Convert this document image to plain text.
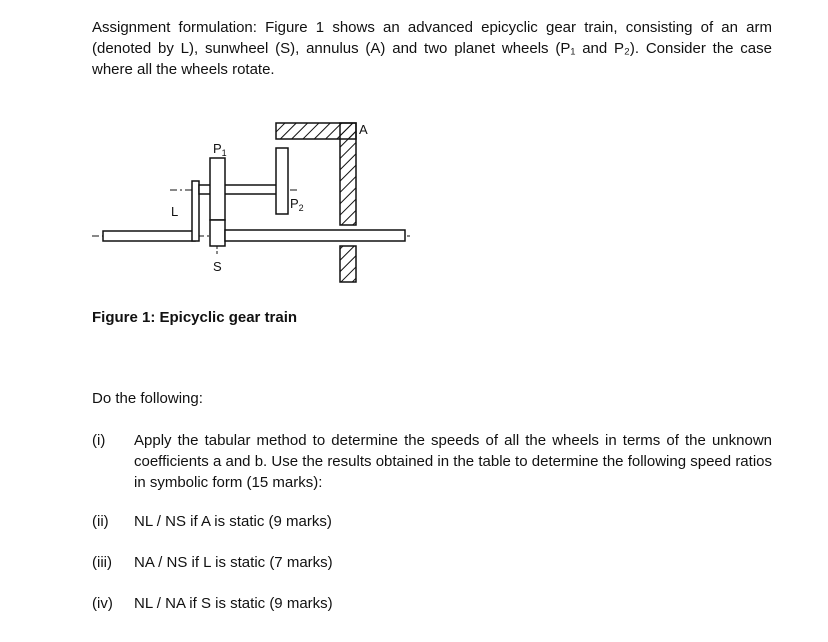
Assignment formulation: Figure 1 shows an advanced epicyclic gear train, consisting of an arm (denoted by L), sunwheel (S), annulus (A) and two planet wheels (P₁ and P₂). Consider the case where all the wheels rotate.
A
$P_1$
$P_2$
L
S
Figure 1: Epicyclic gear train
Do the following:
(i) Apply the tabular method to determine the speeds of all the wheels in terms of the unknown coefficients a and b. Use the results obtained in the table to determine the following speed ratios in symbolic form (15 marks):
(ii) NL / NS if A is static (9 marks)
(iii) NA / NS if L is static (7 marks)
(iv) NL / NA if S is static (9 marks)
